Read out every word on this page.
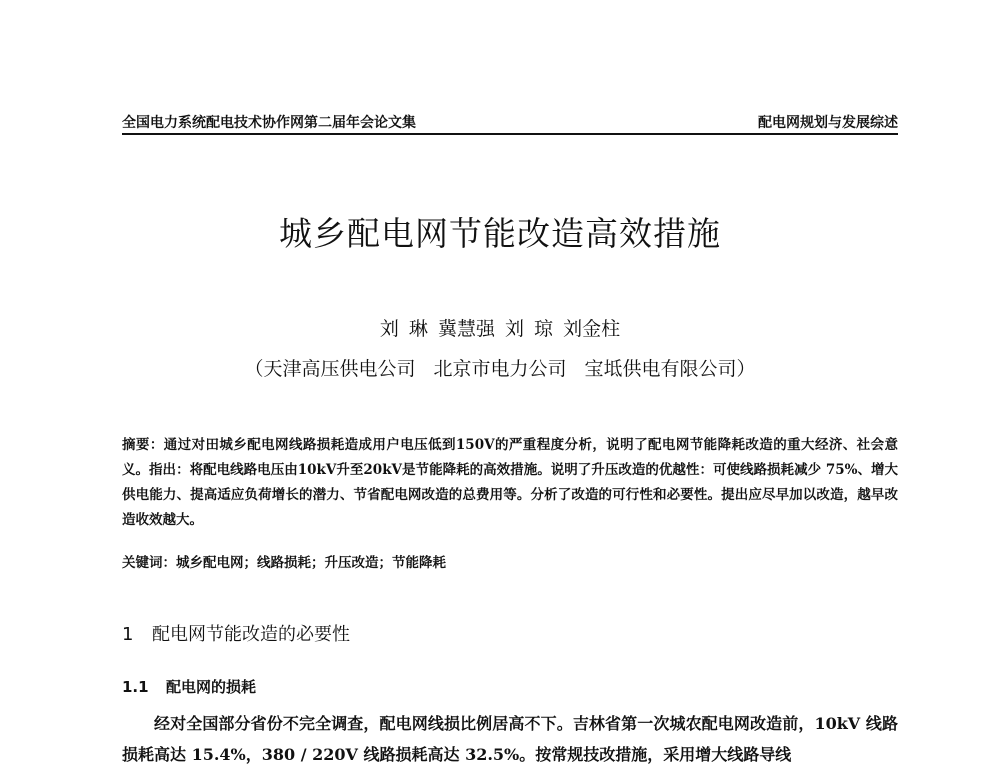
全国电力系统配电技术协作网第二届年会论文集	配电网规划与发展综述
城乡配电网节能改造高效措施
刘 琳 冀慧强 刘 琼 刘金柱
（天津高压供电公司 北京市电力公司 宝坻供电有限公司）
摘要：通过对田城乡配电网线路损耗造成用户电压低到150V的严重程度分析，说明了配电网节能降耗改造的重大经济、社会意义。指出：将配电线路电压由10kV升至20kV是节能降耗的高效措施。说明了升压改造的优越性：可使线路损耗减少 75%、增大供电能力、提高适应负荷增长的潜力、节省配电网改造的总费用等。分析了改造的可行性和必要性。提出应尽早加以改造，越早改造收效越大。
关键词：城乡配电网；线路损耗；升压改造；节能降耗
1 配电网节能改造的必要性
1.1 配电网的损耗
经对全国部分省份不完全调查，配电网线损比例居高不下。吉林省第一次城农配电网改造前，10kV 线路损耗高达 15.4%，380 / 220V 线路损耗高达 32.5%。按常规技改措施，采用增大线路导线
